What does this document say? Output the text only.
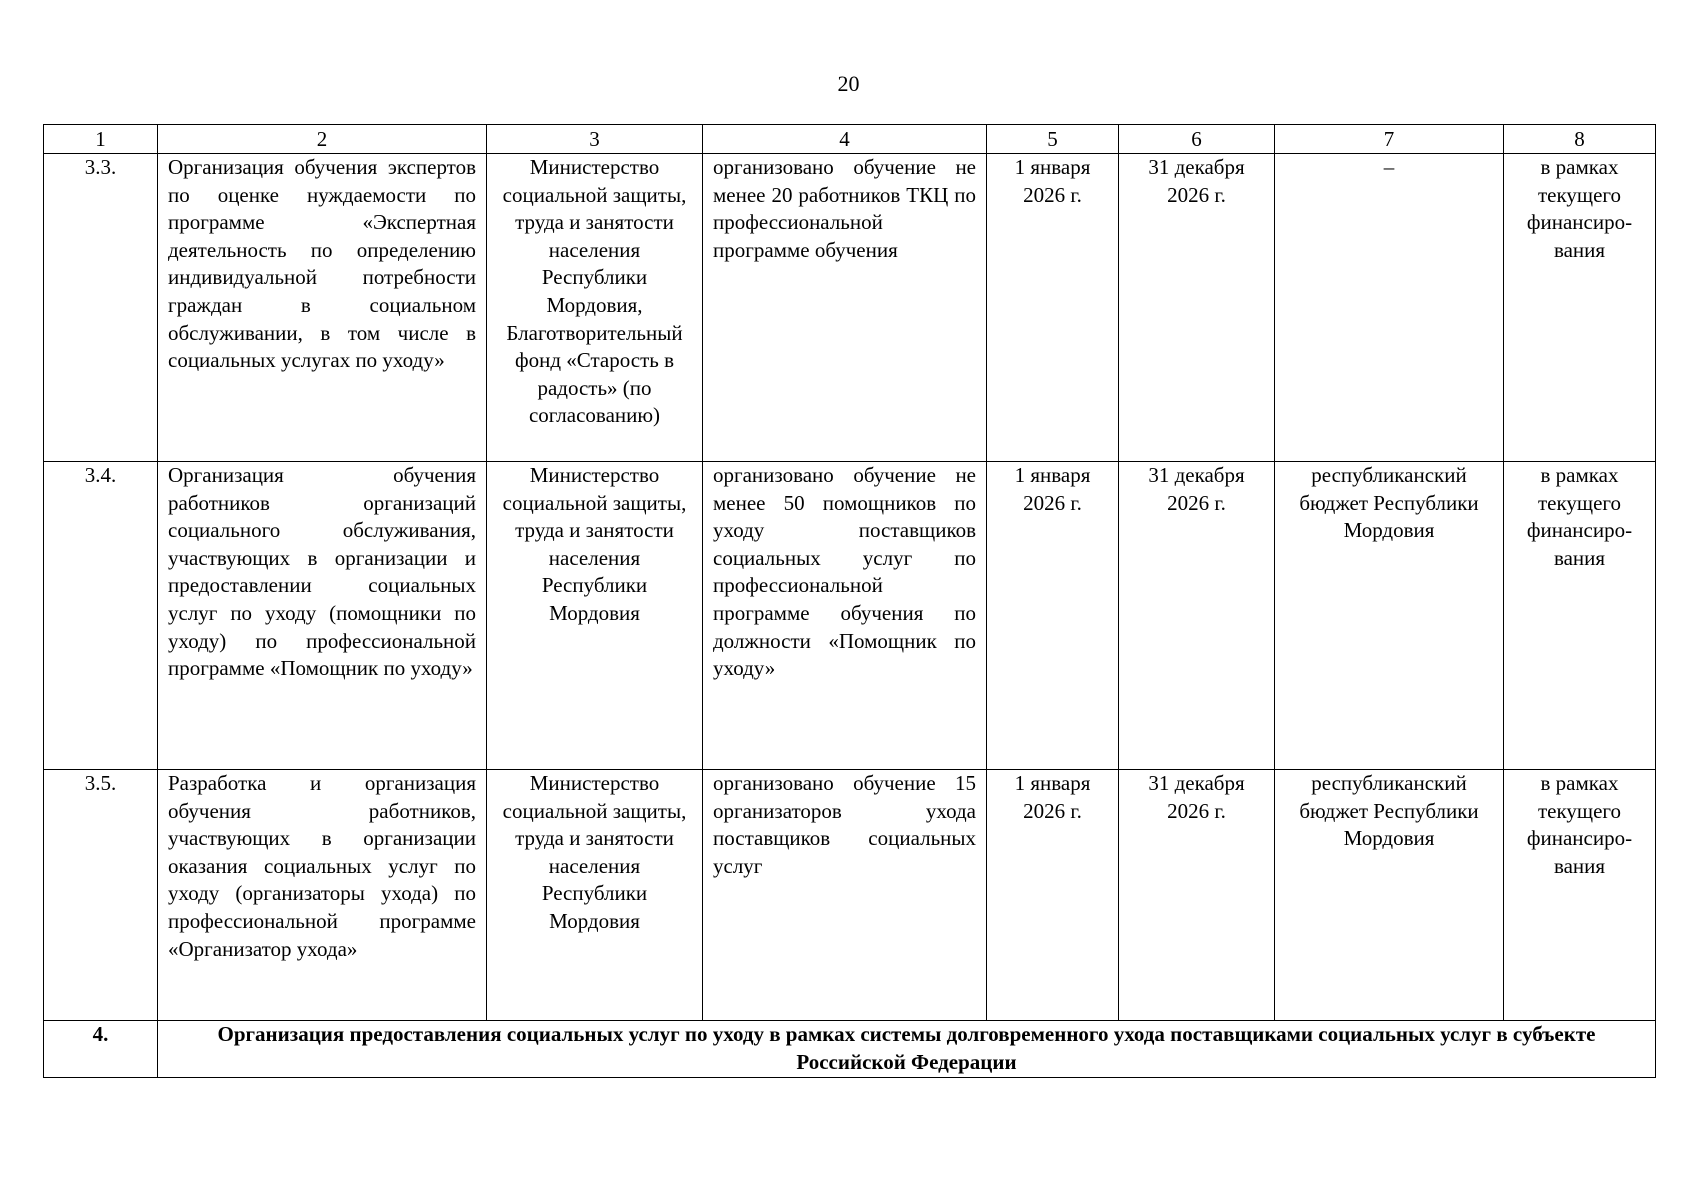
20
1	2	3	4	5	6	7	8
3.3.	Организация обучения экспертов по оценке нуждаемости по программе «Экспертная деятельность по определению индивидуальной потребности граждан в социальном обслуживании, в том числе в социальных услугах по уходу»	Министерство социальной защиты, труда и занятости населения Республики Мордовия, Благотворительный фонд «Старость в радость» (по согласованию)	организовано обучение не менее 20 работников ТКЦ по профессиональной программе обучения	1 января 2026 г.	31 декабря 2026 г.	–	в рамках текущего финансиро-вания
3.4.	Организация обучения работников организаций социального обслуживания, участвующих в организации и предоставлении социальных услуг по уходу (помощники по уходу) по профессиональной программе «Помощник по уходу»	Министерство социальной защиты, труда и занятости населения Республики Мордовия	организовано обучение не менее 50 помощников по уходу поставщиков социальных услуг по профессиональной программе обучения по должности «Помощник по уходу»	1 января 2026 г.	31 декабря 2026 г.	республиканский бюджет Республики Мордовия	в рамках текущего финансиро-вания
3.5.	Разработка и организация обучения работников, участвующих в организации оказания социальных услуг по уходу (организаторы ухода) по профессиональной программе «Организатор ухода»	Министерство социальной защиты, труда и занятости населения Республики Мордовия	организовано обучение 15 организаторов ухода поставщиков социальных услуг	1 января 2026 г.	31 декабря 2026 г.	республиканский бюджет Республики Мордовия	в рамках текущего финансиро-вания
4.	Организация предоставления социальных услуг по уходу в рамках системы долговременного ухода поставщиками социальных услуг в субъекте Российской Федерации						
